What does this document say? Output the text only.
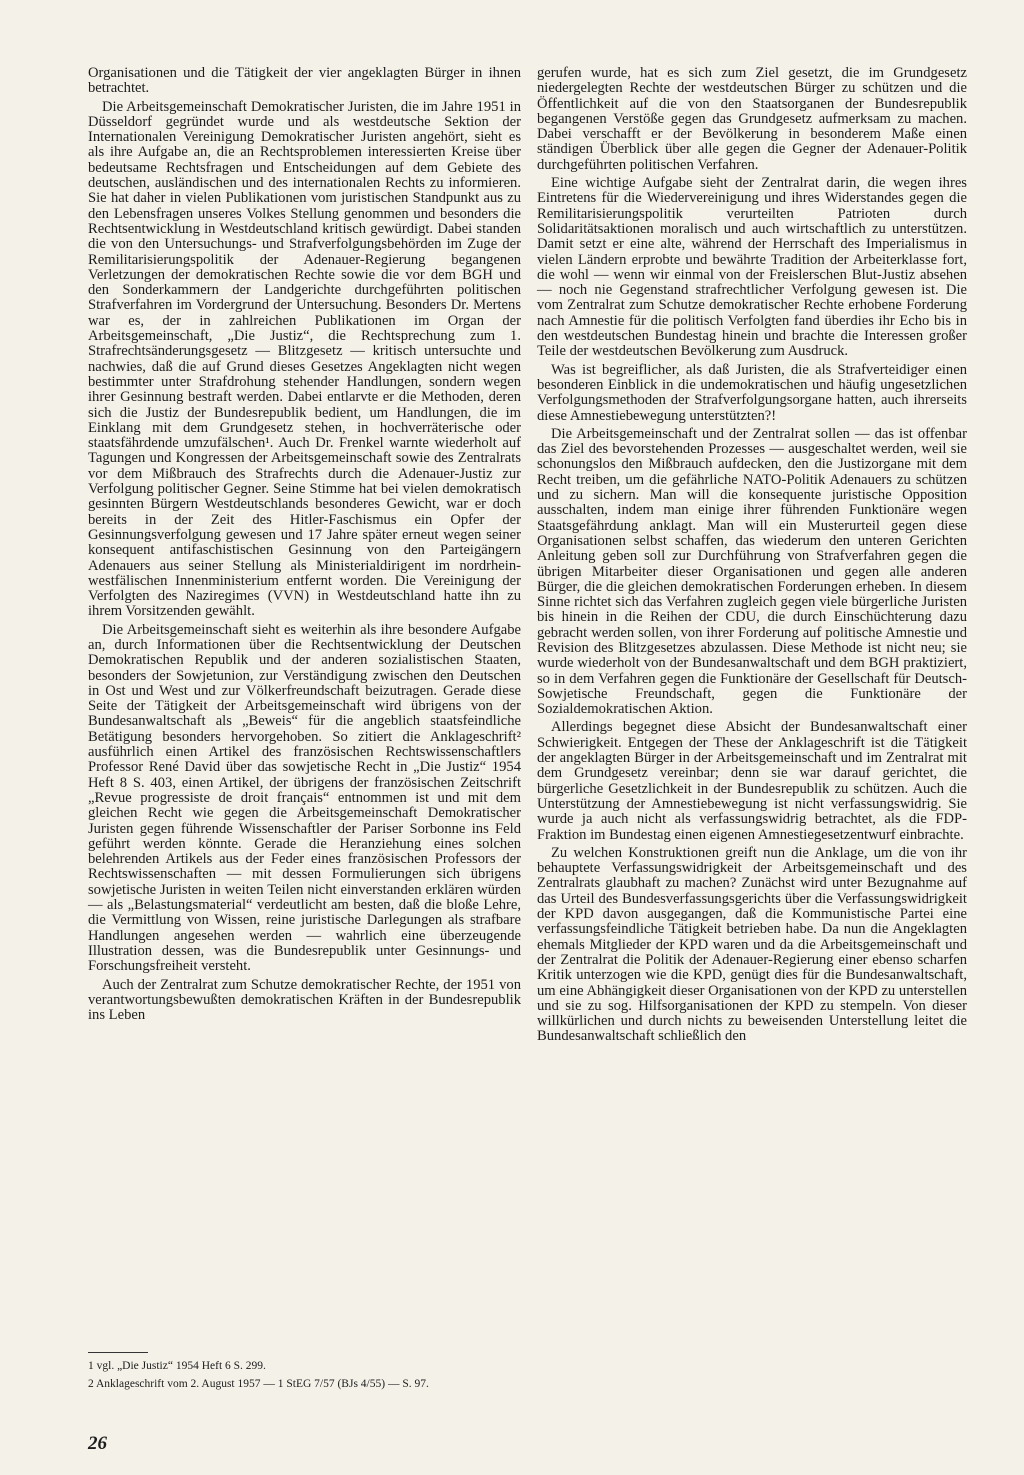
Organisationen und die Tätigkeit der vier angeklagten Bürger in ihnen betrachtet.

Die Arbeitsgemeinschaft Demokratischer Juristen, die im Jahre 1951 in Düsseldorf gegründet wurde und als westdeutsche Sektion der Internationalen Vereinigung Demokratischer Juristen angehört, sieht es als ihre Aufgabe an, die an Rechtsproblemen interessierten Kreise über bedeutsame Rechtsfragen und Entscheidungen auf dem Gebiete des deutschen, ausländischen und des internationalen Rechts zu informieren. Sie hat daher in vielen Publikationen vom juristischen Standpunkt aus zu den Lebensfragen unseres Volkes Stellung genommen und besonders die Rechtsentwicklung in Westdeutschland kritisch gewürdigt. Dabei standen die von den Untersuchungs- und Strafverfolgungsbehörden im Zuge der Remilitarisierungspolitik der Adenauer-Regierung begangenen Verletzungen der demokratischen Rechte sowie die vor dem BGH und den Sonderkammern der Landgerichte durchgeführten politischen Strafverfahren im Vordergrund der Untersuchung. Besonders Dr. Mertens war es, der in zahlreichen Publikationen im Organ der Arbeitsgemeinschaft, „Die Justiz“, die Rechtsprechung zum 1. Strafrechtsänderungsgesetz — Blitzgesetz — kritisch untersuchte und nachwies, daß die auf Grund dieses Gesetzes Angeklagten nicht wegen bestimmter unter Strafdrohung stehender Handlungen, sondern wegen ihrer Gesinnung bestraft werden. Dabei entlarvte er die Methoden, deren sich die Justiz der Bundesrepublik bedient, um Handlungen, die im Einklang mit dem Grundgesetz stehen, in hochverräterische oder staatsfährdende umzufälschen¹. Auch Dr. Frenkel warnte wiederholt auf Tagungen und Kongressen der Arbeitsgemeinschaft sowie des Zentralrats vor dem Mißbrauch des Strafrechts durch die Adenauer-Justiz zur Verfolgung politischer Gegner. Seine Stimme hat bei vielen demokratisch gesinnten Bürgern Westdeutschlands besonderes Gewicht, war er doch bereits in der Zeit des Hitler-Faschismus ein Opfer der Gesinnungsverfolgung gewesen und 17 Jahre später erneut wegen seiner konsequent antifaschistischen Gesinnung von den Parteigängern Adenauers aus seiner Stellung als Ministerialdirigent im nordrhein-westfälischen Innenministerium entfernt worden. Die Vereinigung der Verfolgten des Naziregimes (VVN) in Westdeutschland hatte ihn zu ihrem Vorsitzenden gewählt.

Die Arbeitsgemeinschaft sieht es weiterhin als ihre besondere Aufgabe an, durch Informationen über die Rechtsentwicklung der Deutschen Demokratischen Republik und der anderen sozialistischen Staaten, besonders der Sowjetunion, zur Verständigung zwischen den Deutschen in Ost und West und zur Völkerfreundschaft beizutragen. Gerade diese Seite der Tätigkeit der Arbeitsgemeinschaft wird übrigens von der Bundesanwaltschaft als „Beweis“ für die angeblich staatsfeindliche Betätigung besonders hervorgehoben. So zitiert die Anklageschrift² ausführlich einen Artikel des französischen Rechtswissenschaftlers Professor René David über das sowjetische Recht in „Die Justiz“ 1954 Heft 8 S. 403, einen Artikel, der übrigens der französischen Zeitschrift „Revue progressiste de droit français“ entnommen ist und mit dem gleichen Recht wie gegen die Arbeitsgemeinschaft Demokratischer Juristen gegen führende Wissenschaftler der Pariser Sorbonne ins Feld geführt werden könnte. Gerade die Heranziehung eines solchen belehrenden Artikels aus der Feder eines französischen Professors der Rechtswissenschaften — mit dessen Formulierungen sich übrigens sowjetische Juristen in weiten Teilen nicht einverstanden erklären würden — als „Belastungsmaterial“ verdeutlicht am besten, daß die bloße Lehre, die Vermittlung von Wissen, reine juristische Darlegungen als strafbare Handlungen angesehen werden — wahrlich eine überzeugende Illustration dessen, was die Bundesrepublik unter Gesinnungs- und Forschungsfreiheit versteht.

Auch der Zentralrat zum Schutze demokratischer Rechte, der 1951 von verantwortungsbewußten demokratischen Kräften in der Bundesrepublik ins Leben

gerufen wurde, hat es sich zum Ziel gesetzt, die im Grundgesetz niedergelegten Rechte der westdeutschen Bürger zu schützen und die Öffentlichkeit auf die von den Staatsorganen der Bundesrepublik begangenen Verstöße gegen das Grundgesetz aufmerksam zu machen. Dabei verschafft er der Bevölkerung in besonderem Maße einen ständigen Überblick über alle gegen die Gegner der Adenauer-Politik durchgeführten politischen Verfahren.

Eine wichtige Aufgabe sieht der Zentralrat darin, die wegen ihres Eintretens für die Wiedervereinigung und ihres Widerstandes gegen die Remilitarisierungspolitik verurteilten Patrioten durch Solidaritätsaktionen moralisch und auch wirtschaftlich zu unterstützen. Damit setzt er eine alte, während der Herrschaft des Imperialismus in vielen Ländern erprobte und bewährte Tradition der Arbeiterklasse fort, die wohl — wenn wir einmal von der Freislerschen Blut-Justiz absehen — noch nie Gegenstand strafrechtlicher Verfolgung gewesen ist. Die vom Zentralrat zum Schutze demokratischer Rechte erhobene Forderung nach Amnestie für die politisch Verfolgten fand überdies ihr Echo bis in den westdeutschen Bundestag hinein und brachte die Interessen großer Teile der westdeutschen Bevölkerung zum Ausdruck.

Was ist begreiflicher, als daß Juristen, die als Strafverteidiger einen besonderen Einblick in die undemokratischen und häufig ungesetzlichen Verfolgungsmethoden der Strafverfolgungsorgane hatten, auch ihrerseits diese Amnestiebewegung unterstützten?!

Die Arbeitsgemeinschaft und der Zentralrat sollen — das ist offenbar das Ziel des bevorstehenden Prozesses — ausgeschaltet werden, weil sie schonungslos den Mißbrauch aufdecken, den die Justizorgane mit dem Recht treiben, um die gefährliche NATO-Politik Adenauers zu schützen und zu sichern. Man will die konsequente juristische Opposition ausschalten, indem man einige ihrer führenden Funktionäre wegen Staatsgefährdung anklagt. Man will ein Musterurteil gegen diese Organisationen selbst schaffen, das wiederum den unteren Gerichten Anleitung geben soll zur Durchführung von Strafverfahren gegen die übrigen Mitarbeiter dieser Organisationen und gegen alle anderen Bürger, die die gleichen demokratischen Forderungen erheben. In diesem Sinne richtet sich das Verfahren zugleich gegen viele bürgerliche Juristen bis hinein in die Reihen der CDU, die durch Einschüchterung dazu gebracht werden sollen, von ihrer Forderung auf politische Amnestie und Revision des Blitzgesetzes abzulassen. Diese Methode ist nicht neu; sie wurde wiederholt von der Bundesanwaltschaft und dem BGH praktiziert, so in dem Verfahren gegen die Funktionäre der Gesellschaft für Deutsch-Sowjetische Freundschaft, gegen die Funktionäre der Sozialdemokratischen Aktion.

Allerdings begegnet diese Absicht der Bundesanwaltschaft einer Schwierigkeit. Entgegen der These der Anklageschrift ist die Tätigkeit der angeklagten Bürger in der Arbeitsgemeinschaft und im Zentralrat mit dem Grundgesetz vereinbar; denn sie war darauf gerichtet, die bürgerliche Gesetzlichkeit in der Bundesrepublik zu schützen. Auch die Unterstützung der Amnestiebewegung ist nicht verfassungswidrig. Sie wurde ja auch nicht als verfassungswidrig betrachtet, als die FDP-Fraktion im Bundestag einen eigenen Amnestiegesetzentwurf einbrachte.

Zu welchen Konstruktionen greift nun die Anklage, um die von ihr behauptete Verfassungswidrigkeit der Arbeitsgemeinschaft und des Zentralrats glaubhaft zu machen? Zunächst wird unter Bezugnahme auf das Urteil des Bundesverfassungsgerichts über die Verfassungswidrigkeit der KPD davon ausgegangen, daß die Kommunistische Partei eine verfassungsfeindliche Tätigkeit betrieben habe. Da nun die Angeklagten ehemals Mitglieder der KPD waren und da die Arbeitsgemeinschaft und der Zentralrat die Politik der Adenauer-Regierung einer ebenso scharfen Kritik unterzogen wie die KPD, genügt dies für die Bundesanwaltschaft, um eine Abhängigkeit dieser Organisationen von der KPD zu unterstellen und sie zu sog. Hilfsorganisationen der KPD zu stempeln. Von dieser willkürlichen und durch nichts zu beweisenden Unterstellung leitet die Bundesanwaltschaft schließlich den

1 vgl. „Die Justiz“ 1954 Heft 6 S. 299.

2 Anklageschrift vom 2. August 1957 — 1 StEG 7/57 (BJs 4/55) — S. 97.

26
